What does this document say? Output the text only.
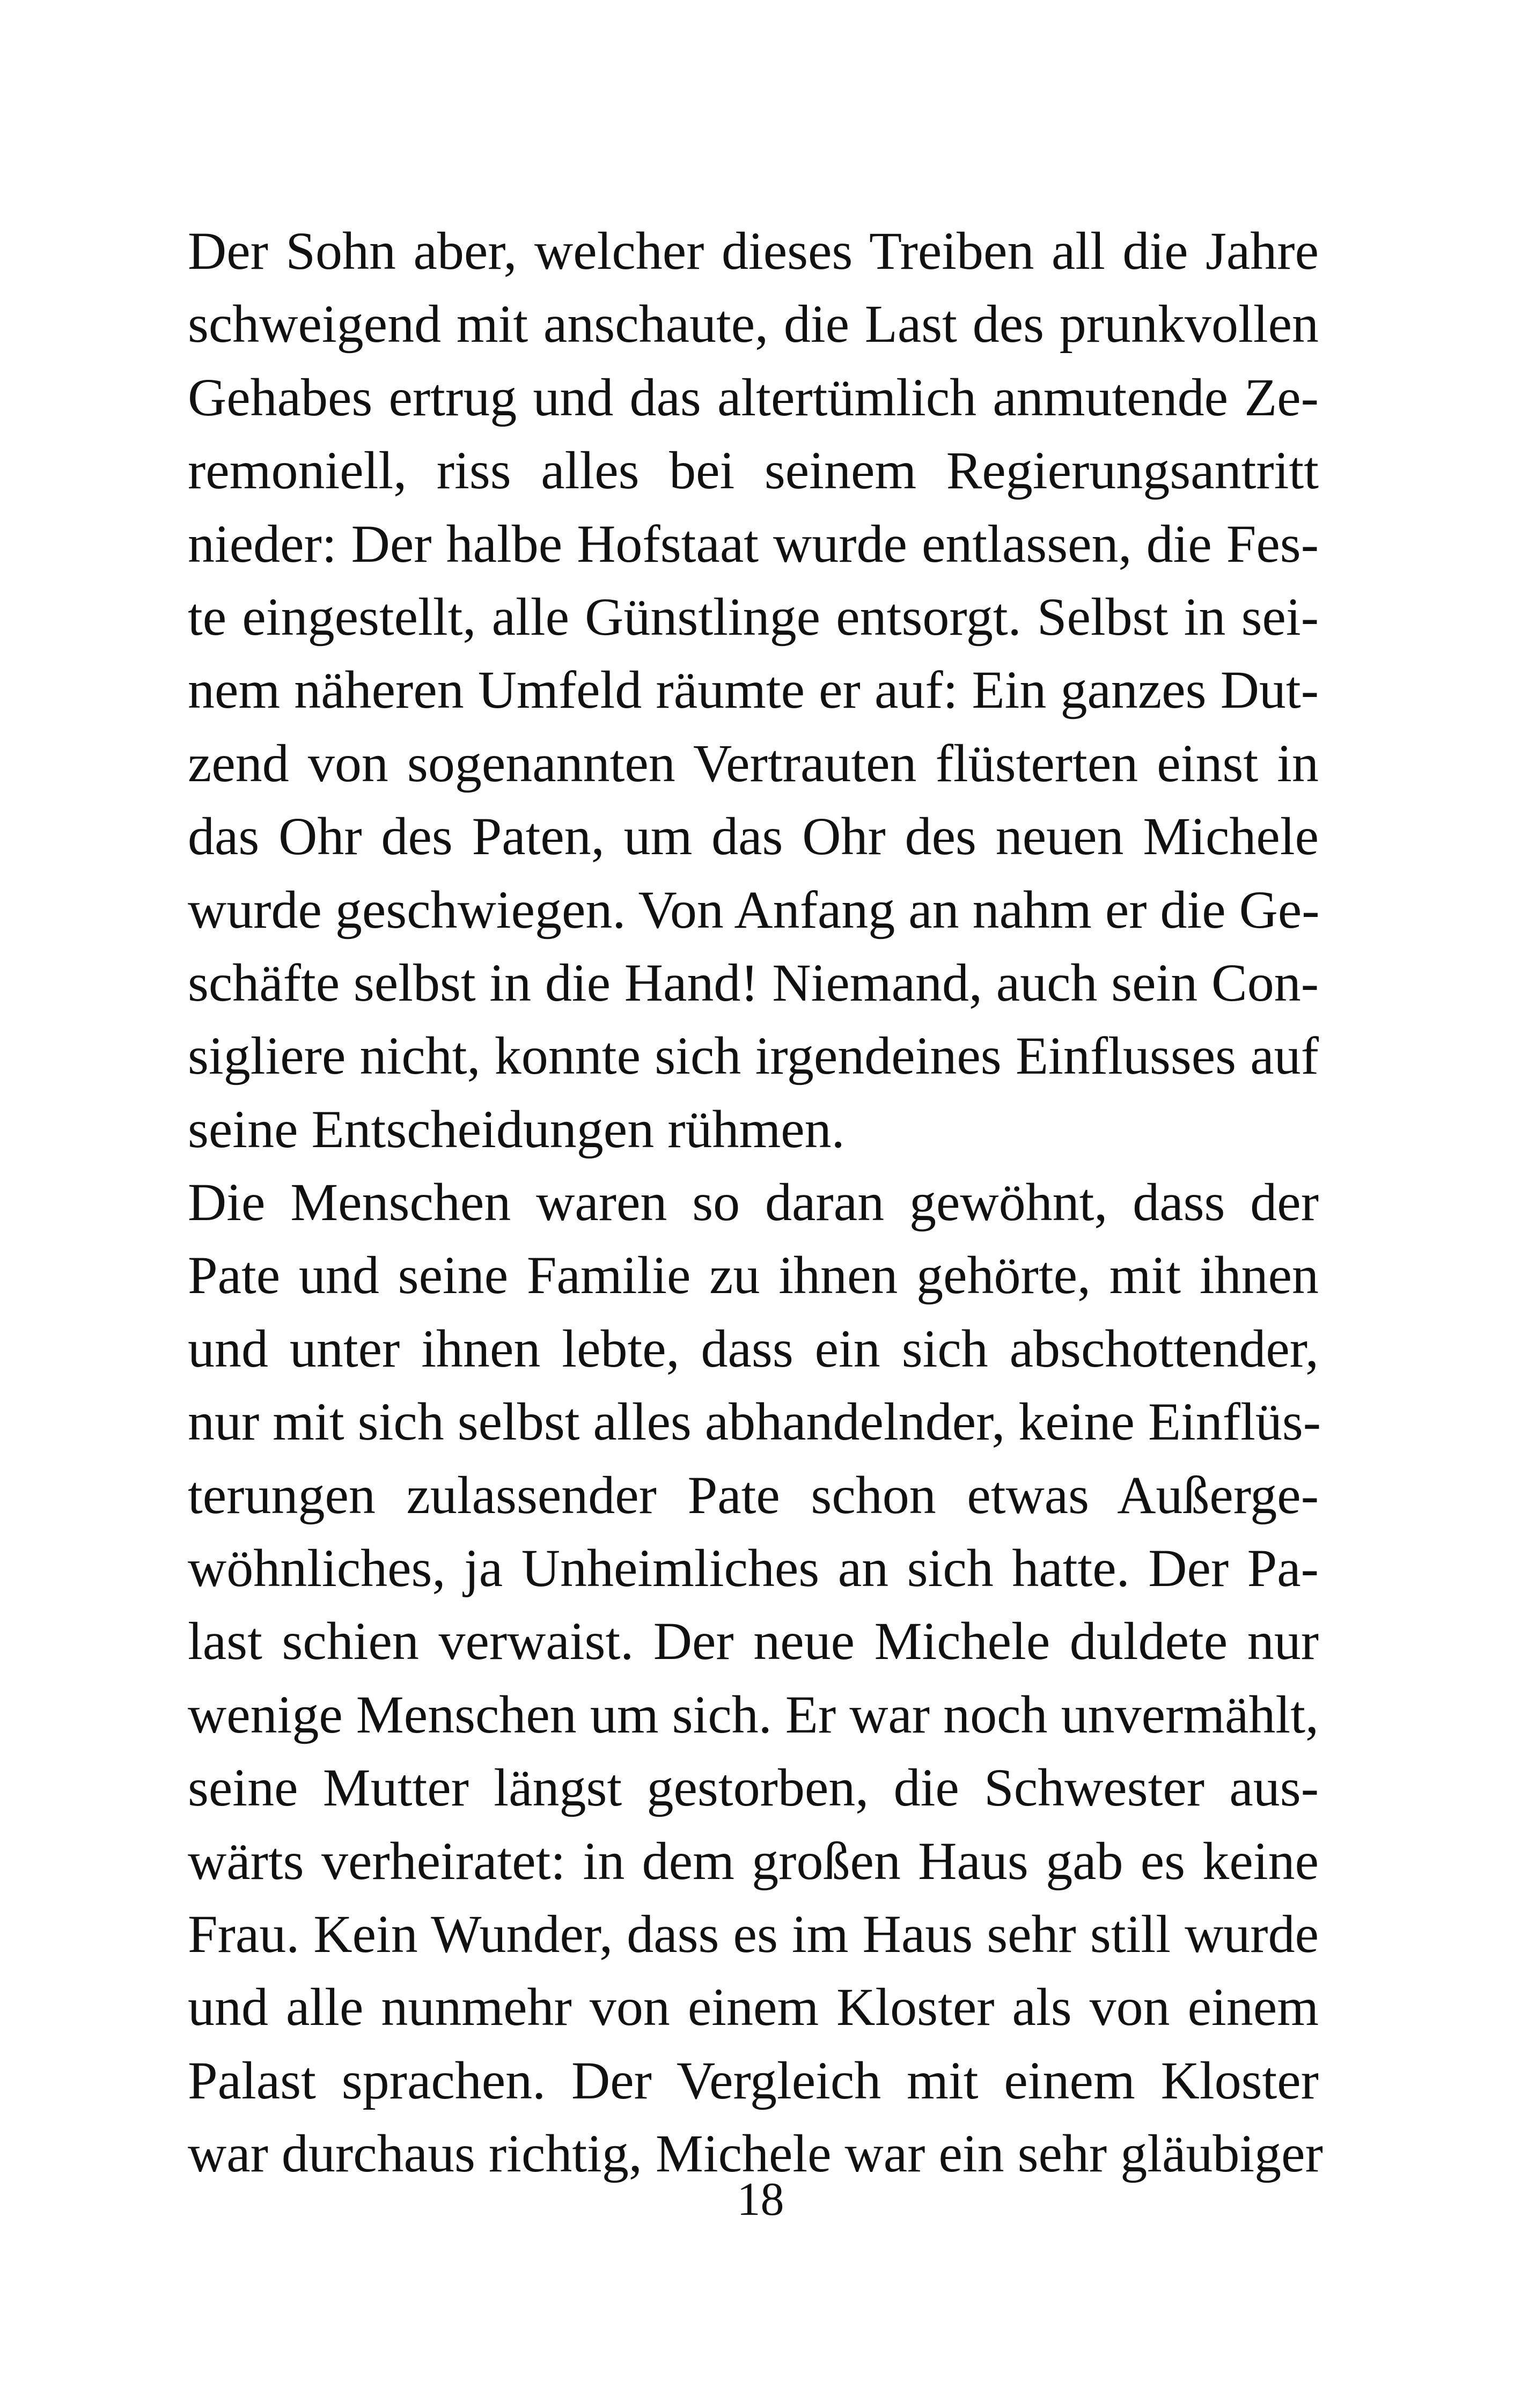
Der Sohn aber, welcher dieses Treiben all die Jahre
schweigend mit anschaute, die Last des prunkvollen
Gehabes ertrug und das altertümlich anmutende Ze-
remoniell, riss alles bei seinem Regierungsantritt
nieder: Der halbe Hofstaat wurde entlassen, die Fes-
te eingestellt, alle Günstlinge entsorgt. Selbst in sei-
nem näheren Umfeld räumte er auf: Ein ganzes Dut-
zend von sogenannten Vertrauten flüsterten einst in
das Ohr des Paten, um das Ohr des neuen Michele
wurde geschwiegen. Von Anfang an nahm er die Ge-
schäfte selbst in die Hand! Niemand, auch sein Con-
sigliere nicht, konnte sich irgendeines Einflusses auf
seine Entscheidungen rühmen.
Die Menschen waren so daran gewöhnt, dass der
Pate und seine Familie zu ihnen gehörte, mit ihnen
und unter ihnen lebte, dass ein sich abschottender,
nur mit sich selbst alles abhandelnder, keine Einflüs-
terungen zulassender Pate schon etwas Außerge-
wöhnliches, ja Unheimliches an sich hatte. Der Pa-
last schien verwaist. Der neue Michele duldete nur
wenige Menschen um sich. Er war noch unvermählt,
seine Mutter längst gestorben, die Schwester aus-
wärts verheiratet: in dem großen Haus gab es keine
Frau. Kein Wunder, dass es im Haus sehr still wurde
und alle nunmehr von einem Kloster als von einem
Palast sprachen. Der Vergleich mit einem Kloster
war durchaus richtig, Michele war ein sehr gläubiger
18
